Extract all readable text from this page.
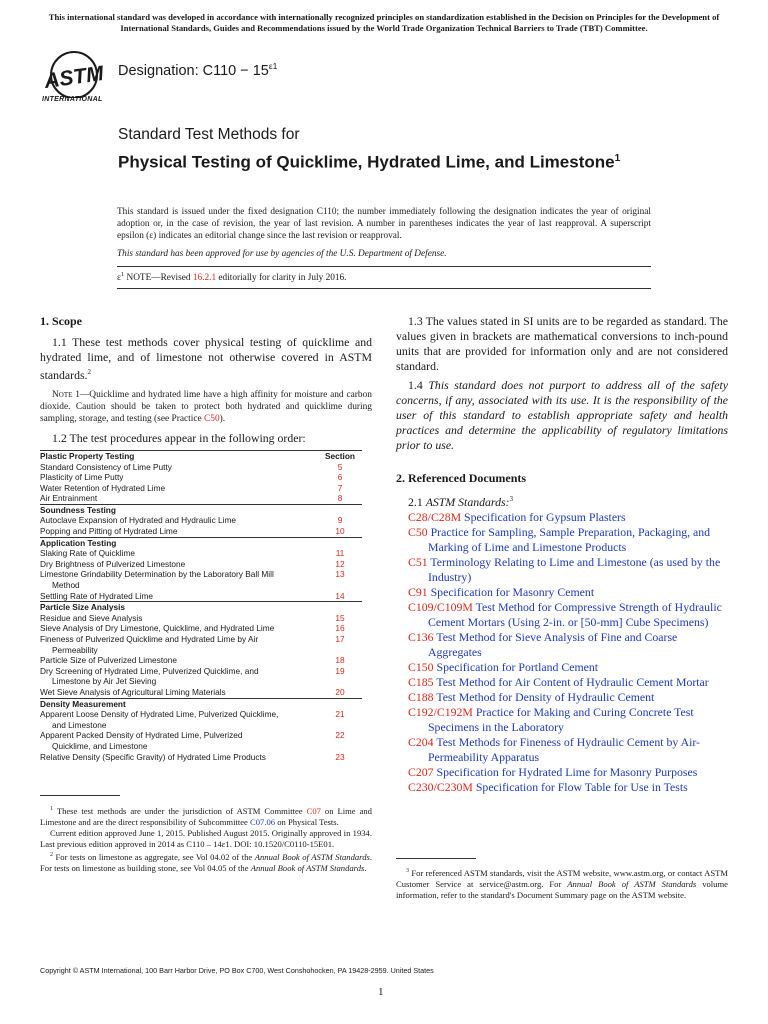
This international standard was developed in accordance with internationally recognized principles on standardization established in the Decision on Principles for the Development of International Standards, Guides and Recommendations issued by the World Trade Organization Technical Barriers to Trade (TBT) Committee.
ASTM
INTERNATIONAL
Designation: $C110 - 15^{\varepsilon 1}$
Standard Test Methods for
Physical Testing of Quicklime, Hydrated Lime, and Limestone$^1$
This standard is issued under the fixed designation C110; the number immediately following the designation indicates the year of original adoption or, in the case of revision, the year of last revision. A number in parentheses indicates the year of last reapproval. A superscript epsilon (ε) indicates an editorial change since the last revision or reapproval.
This standard has been approved for use by agencies of the U.S. Department of Defense.
$\varepsilon^1$ NOTE—Revised 16.2.1 editorially for clarity in July 2016.
1. Scope
1.1 These test methods cover physical testing of quicklime and hydrated lime, and of limestone not otherwise covered in ASTM standards.$^2$
Note 1—Quicklime and hydrated lime have a high affinity for moisture and carbon dioxide. Caution should be taken to protect both hydrated and quicklime during sampling, storage, and testing (see Practice C50).
1.2 The test procedures appear in the following order:
Plastic Property Testing	Section
Standard Consistency of Lime Putty	5
Plasticity of Lime Putty	6
Water Retention of Hydrated Lime	7
Air Entrainment	8
Soundness Testing	
Autoclave Expansion of Hydrated and Hydraulic Lime	9
Popping and Pitting of Hydrated Lime	10
Application Testing	
Slaking Rate of Quicklime	11
Dry Brightness of Pulverized Limestone	12
Limestone Grindability Determination by the Laboratory Ball Mill
Method	13
Settling Rate of Hydrated Lime	14
Particle Size Analysis	
Residue and Sieve Analysis	15
Sieve Analysis of Dry Limestone, Quicklime, and Hydrated Lime	16
Fineness of Pulverized Quicklime and Hydrated Lime by Air
Permeability	17
Particle Size of Pulverized Limestone	18
Dry Screening of Hydrated Lime, Pulverized Quicklime, and
Limestone by Air Jet Sieving	19
Wet Sieve Analysis of Agricultural Liming Materials	20
Density Measurement	
Apparent Loose Density of Hydrated Lime, Pulverized Quicklime,
and Limestone	21
Apparent Packed Density of Hydrated Lime, Pulverized
Quicklime, and Limestone	22
Relative Density (Specific Gravity) of Hydrated Lime Products	23
1.3 The values stated in SI units are to be regarded as standard. The values given in brackets are mathematical conversions to inch-pound units that are provided for information only and are not considered standard.
1.4 This standard does not purport to address all of the safety concerns, if any, associated with its use. It is the responsibility of the user of this standard to establish appropriate safety and health practices and determine the applicability of regulatory limitations prior to use.
2. Referenced Documents
2.1 ASTM Standards:$^3$
C28/C28M Specification for Gypsum Plasters
C50 Practice for Sampling, Sample Preparation, Packaging, and Marking of Lime and Limestone Products
C51 Terminology Relating to Lime and Limestone (as used by the Industry)
C91 Specification for Masonry Cement
C109/C109M Test Method for Compressive Strength of Hydraulic Cement Mortars (Using 2-in. or [50-mm] Cube Specimens)
C136 Test Method for Sieve Analysis of Fine and Coarse Aggregates
C150 Specification for Portland Cement
C185 Test Method for Air Content of Hydraulic Cement Mortar
C188 Test Method for Density of Hydraulic Cement
C192/C192M Practice for Making and Curing Concrete Test Specimens in the Laboratory
C204 Test Methods for Fineness of Hydraulic Cement by Air-Permeability Apparatus
C207 Specification for Hydrated Lime for Masonry Purposes
C230/C230M Specification for Flow Table for Use in Tests

$^1$ These test methods are under the jurisdiction of ASTM Committee C07 on Lime and Limestone and are the direct responsibility of Subcommittee C07.06 on Physical Tests.

Current edition approved June 1, 2015. Published August 2015. Originally approved in 1934. Last previous edition approved in 2014 as C110 – 14ε1. DOI: 10.1520/C0110-15E01.

$^2$ For tests on limestone as aggregate, see Vol 04.02 of the Annual Book of ASTM Standards. For tests on limestone as building stone, see Vol 04.05 of the Annual Book of ASTM Standards.	$^3$ For referenced ASTM standards, visit the ASTM website, www.astm.org, or contact ASTM Customer Service at service@astm.org. For Annual Book of ASTM Standards volume information, refer to the standard's Document Summary page on the ASTM website.

Copyright © ASTM International, 100 Barr Harbor Drive, PO Box C700, West Conshohocken, PA 19428-2959. United States
1
